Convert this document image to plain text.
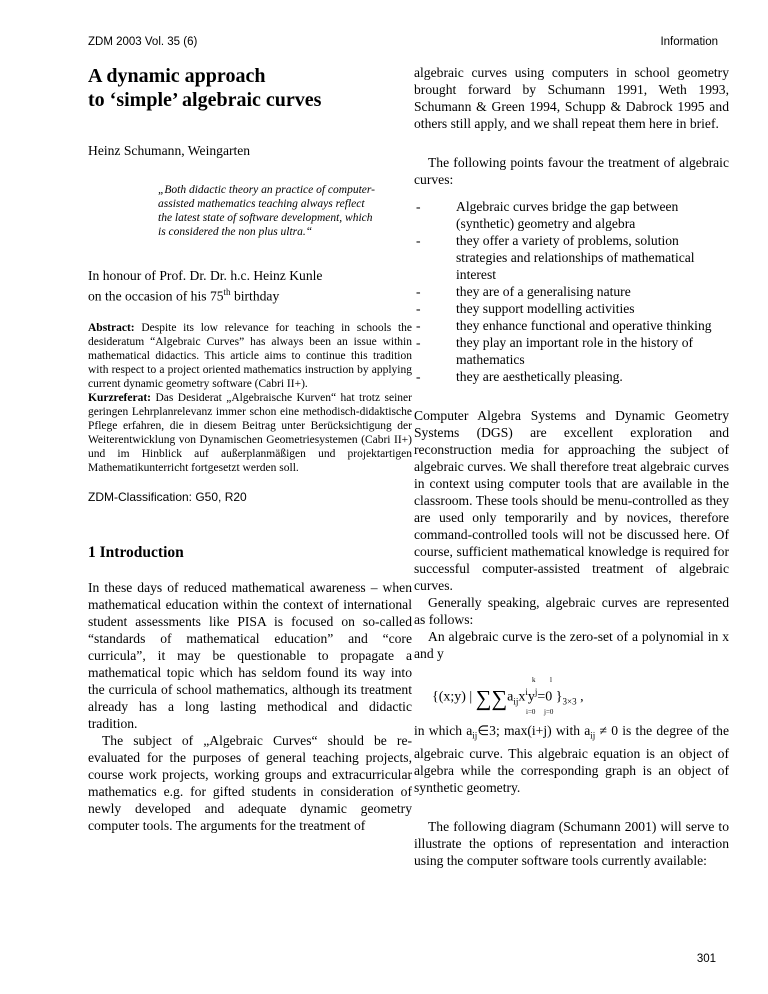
ZDM 2003 Vol. 35 (6)	Information
A dynamic approach
to ‘simple’ algebraic curves
Heinz Schumann, Weingarten
„Both didactic theory an practice of computer-assisted mathematics teaching always reflect the latest state of software development, which is considered the non plus ultra.“
In honour of Prof. Dr. Dr. h.c. Heinz Kunle
on the occasion of his 75th birthday

Abstract: Despite its low relevance for teaching in schools the desideratum “Algebraic Curves” has always been an issue within mathematical didactics. This article aims to continue this tradition with respect to a project oriented mathematics instruction by applying current dynamic geometry software (Cabri II+).

Kurzreferat: Das Desiderat „Algebraische Kurven“ hat trotz seiner geringen Lehrplanrelevanz immer schon eine methodisch-didaktische Pflege erfahren, die in diesem Beitrag unter Berücksichtigung der Weiterentwicklung von Dynamischen Geometriesystemen (Cabri II+) und im Hinblick auf außerplanmäßigen und projektartigen Mathematikunterricht fortgesetzt werden soll.

ZDM-Classification: G50, R20
1 Introduction

In these days of reduced mathematical awareness – when mathematical education within the context of international student assessments like PISA is focused on so-called “standards of mathematical education” and “core curricula”, it may be questionable to propagate a mathematical topic which has seldom found its way into the curricula of school mathematics, although its treatment already has a long lasting methodical and didactic tradition.

The subject of „Algebraic Curves“ should be re-evaluated for the purposes of general teaching projects, course work projects, working groups and extracurricular mathematics e.g. for gifted students in consideration of newly developed and adequate dynamic geometry computer tools. The arguments for the treatment of

algebraic curves using computers in school geometry brought forward by Schumann 1991, Weth 1993, Schumann & Green 1994, Schupp & Dabrock 1995 and others still apply, and we shall repeat them here in brief.

The following points favour the treatment of algebraic curves:

-	Algebraic curves bridge the gap between (synthetic) geometry and algebra
-	they offer a variety of problems, solution strategies and relationships of mathematical interest
-	they are of a generalising nature
-	they support modelling activities
-	they enhance functional and operative thinking
-	they play an important role in the history of mathematics
-	they are aesthetically pleasing.

Computer Algebra Systems and Dynamic Geometry Systems (DGS) are excellent exploration and reconstruction media for approaching the subject of algebraic curves. We shall therefore treat algebraic curves in context using computer tools that are available in the classroom. These tools should be menu-controlled as they are used only temporarily and by novices, therefore command-controlled tools will not be discussed here. Of course, sufficient mathematical knowledge is required for successful computer-assisted treatment of algebraic curves.

Generally speaking, algebraic curves are represented as follows:

An algebraic curve is the zero-set of a polynomial in x and y

k l
i=0 j=0
{(x;y) | $\sum\sum a_{ij}x^iy^j=0$ }$_{3\times 3}$ ,

in which $a_{ij}\in 3$; max(i+j) with $a_{ij} \ne 0$ is the degree of the algebraic curve. This algebraic equation is an object of algebra while the corresponding graph is an object of synthetic geometry.

The following diagram (Schumann 2001) will serve to illustrate the options of representation and interaction using the computer software tools currently available:

301
